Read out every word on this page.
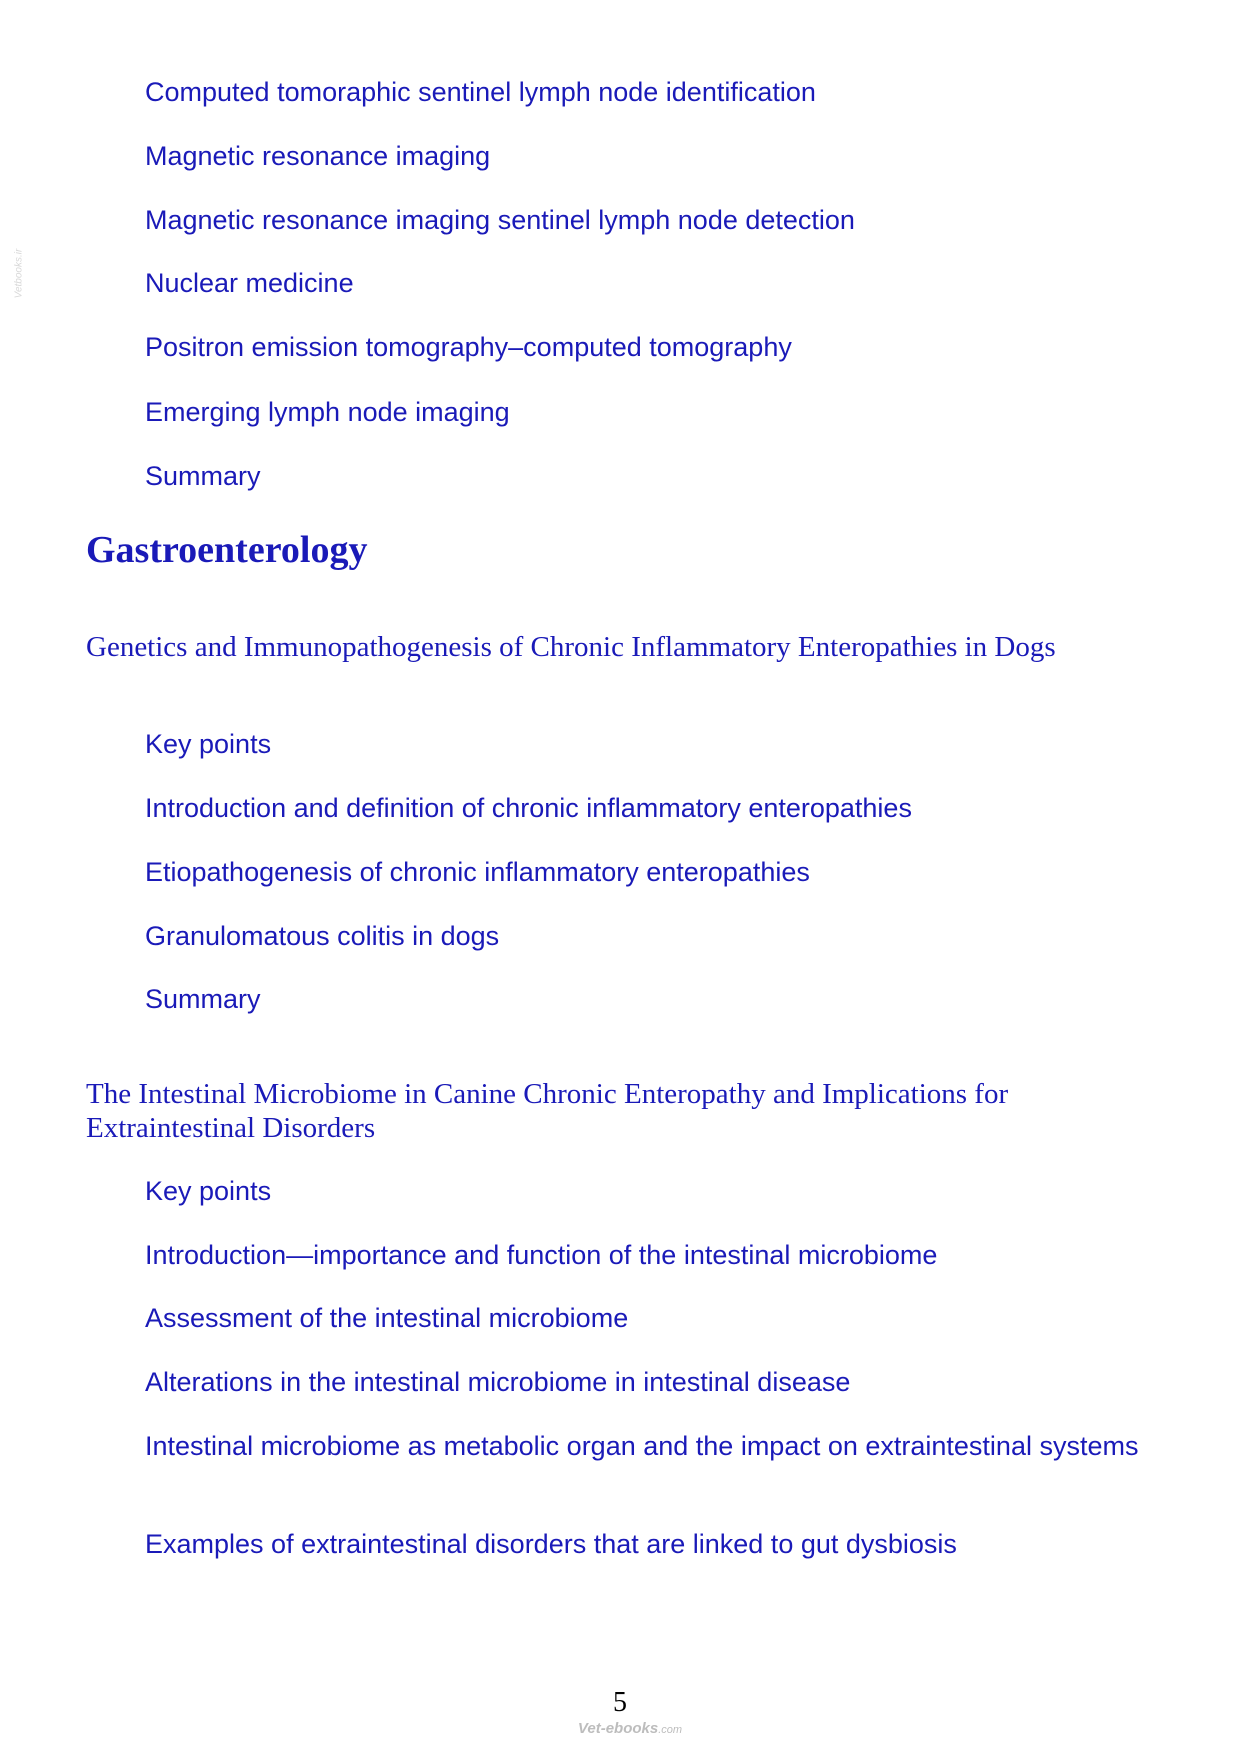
Computed tomoraphic sentinel lymph node identification
Magnetic resonance imaging
Magnetic resonance imaging sentinel lymph node detection
Nuclear medicine
Positron emission tomography–computed tomography
Emerging lymph node imaging
Summary
Gastroenterology
Genetics and Immunopathogenesis of Chronic Inflammatory Enteropathies in Dogs
Key points
Introduction and definition of chronic inflammatory enteropathies
Etiopathogenesis of chronic inflammatory enteropathies
Granulomatous colitis in dogs
Summary
The Intestinal Microbiome in Canine Chronic Enteropathy and Implications for Extraintestinal Disorders
Key points
Introduction—importance and function of the intestinal microbiome
Assessment of the intestinal microbiome
Alterations in the intestinal microbiome in intestinal disease
Intestinal microbiome as metabolic organ and the impact on extraintestinal systems
Examples of extraintestinal disorders that are linked to gut dysbiosis
5
Vetbooks.ir
Vet-ebooks.com
